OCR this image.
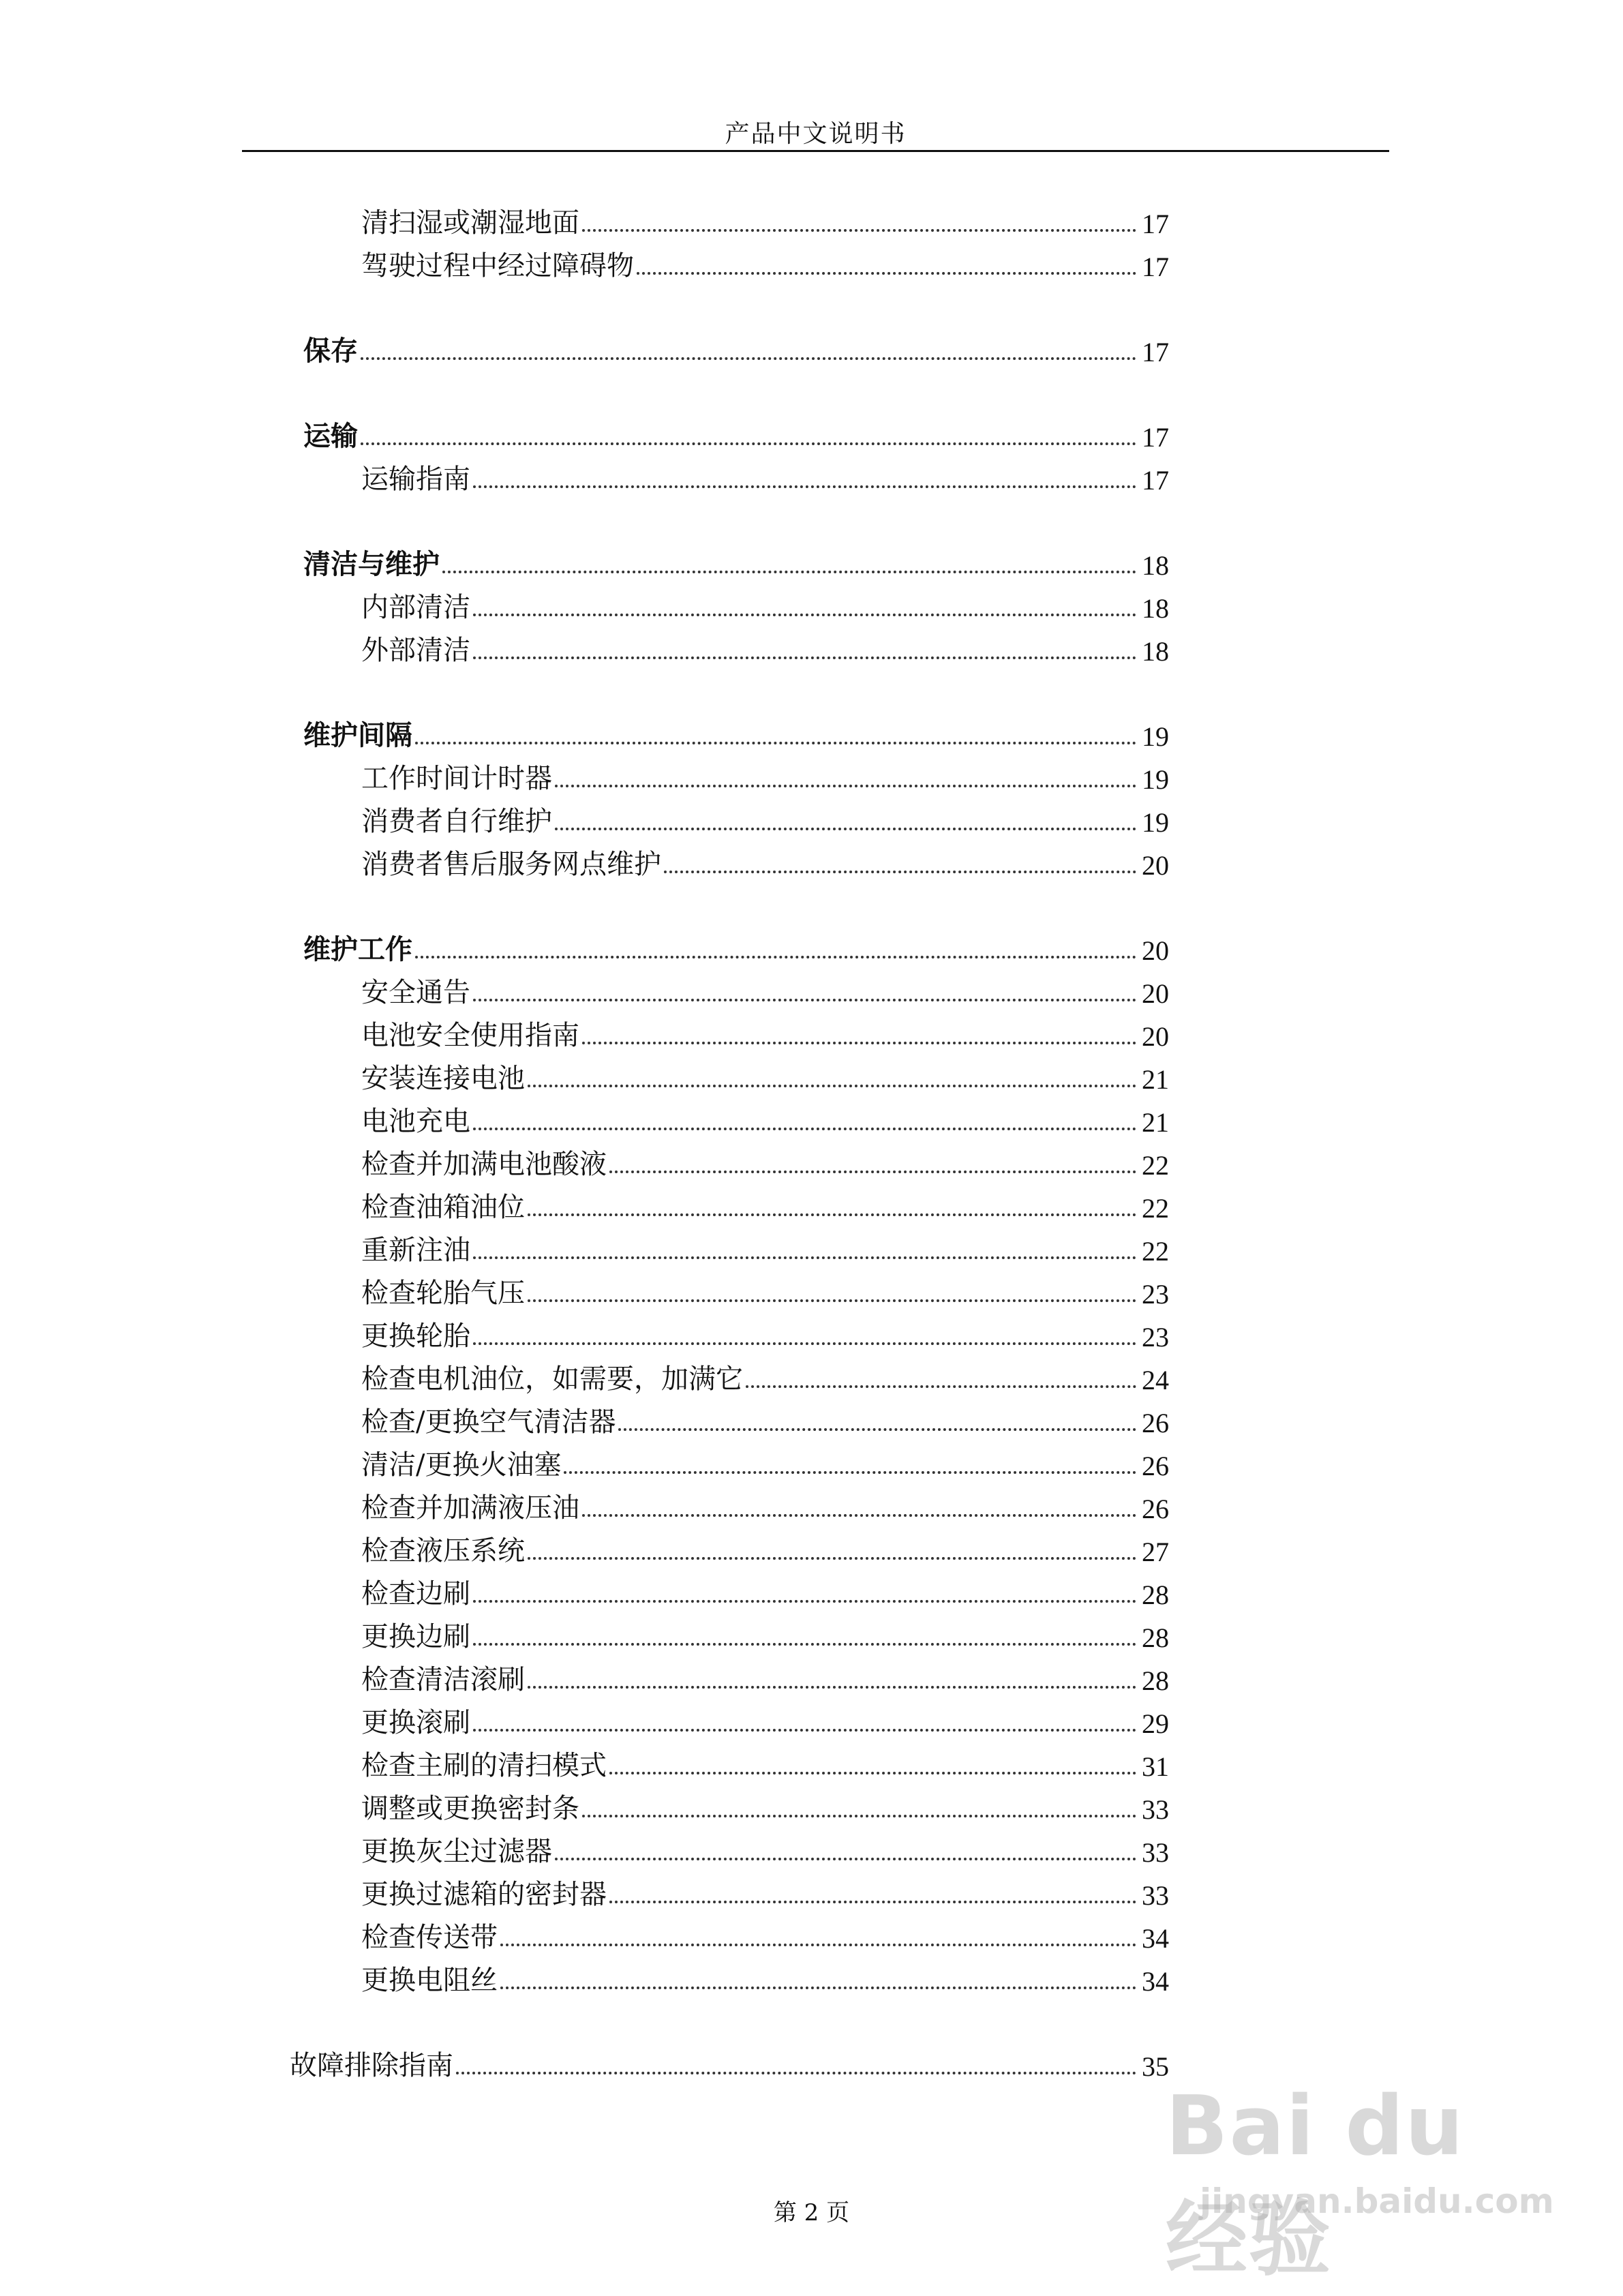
产品中文说明书
清扫湿或潮湿地面	17
驾驶过程中经过障碍物	17
保存	17
运输	17
运输指南	17
清洁与维护	18
内部清洁	18
外部清洁	18
维护间隔	19
工作时间计时器	19
消费者自行维护	19
消费者售后服务网点维护	20
维护工作	20
安全通告	20
电池安全使用指南	20
安装连接电池	21
电池充电	21
检查并加满电池酸液	22
检查油箱油位	22
重新注油	22
检查轮胎气压	23
更换轮胎	23
检查电机油位，如需要，加满它	24
检查/更换空气清洁器	26
清洁/更换火油塞	26
检查并加满液压油	26
检查液压系统	27
检查边刷	28
更换边刷	28
检查清洁滚刷	28
更换滚刷	29
检查主刷的清扫模式	31
调整或更换密封条	33
更换灰尘过滤器	33
更换过滤箱的密封器	33
检查传送带	34
更换电阻丝	34
故障排除指南	35
第 2 页
Bai du 经验
jingyan.baidu.com
